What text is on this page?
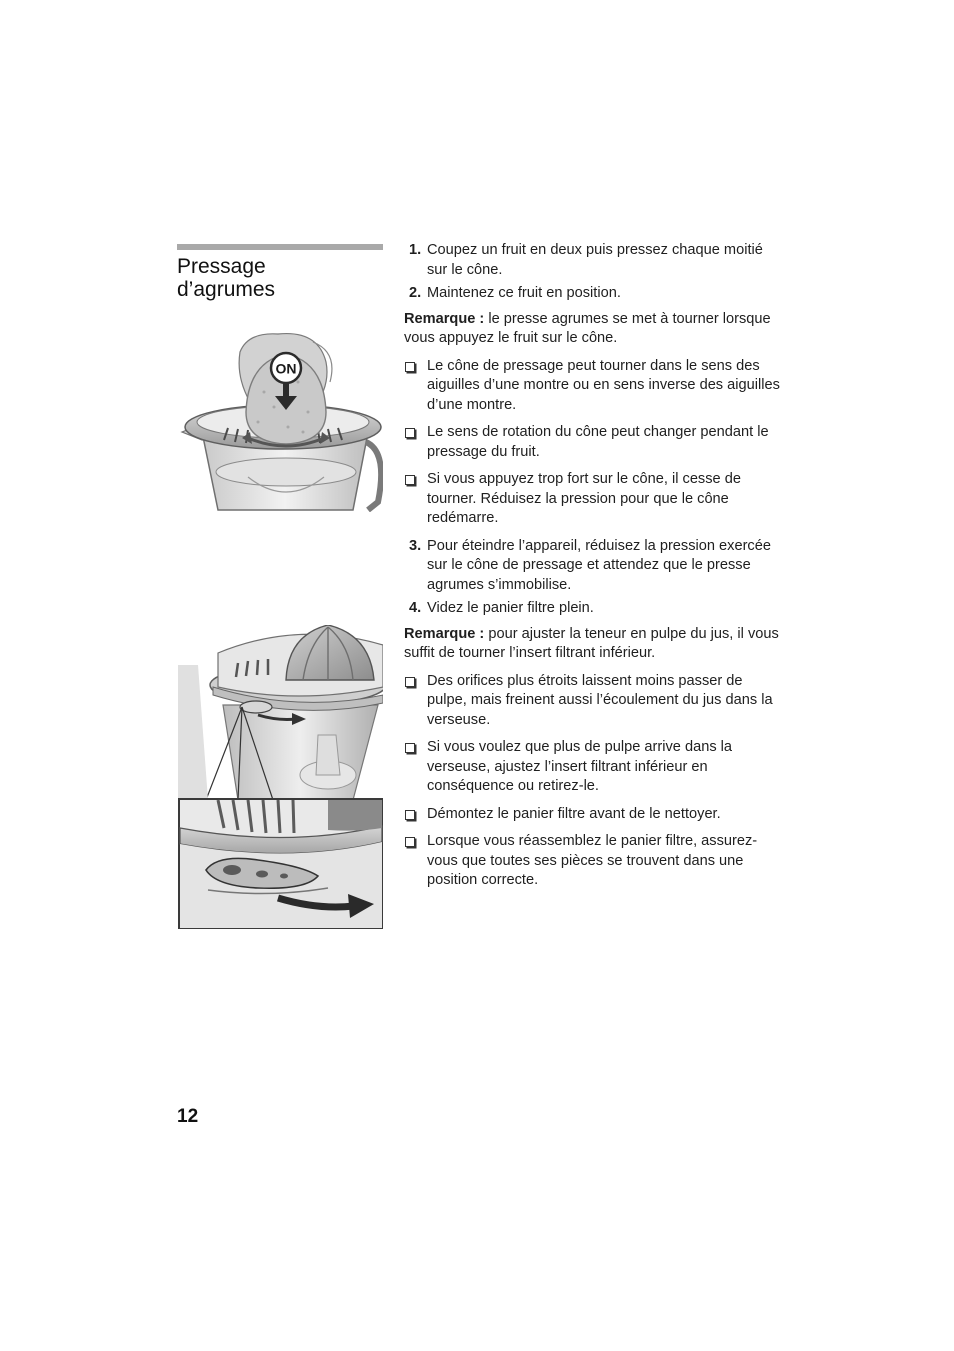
Pressage
d’agrumes
ON
1. Coupez un fruit en deux puis pressez chaque moitié sur le cône.
2. Maintenez ce fruit en position.

Remarque : le presse agrumes se met à tourner lorsque vous appuyez le fruit sur le cône.

Le cône de pressage peut tourner dans le sens des aiguilles d’une montre ou en sens inverse des aiguilles d’une montre.
Le sens de rotation du cône peut changer pendant le pressage du fruit.
Si vous appuyez trop fort sur le cône, il cesse de tourner. Réduisez la pression pour que le cône redémarre.
3. Pour éteindre l’appareil, réduisez la pression exercée sur le cône de pressage et attendez que le presse agrumes s’immobilise.
4. Videz le panier filtre plein.

Remarque : pour ajuster la teneur en pulpe du jus, il vous suffit de tourner l’insert filtrant inférieur.

Des orifices plus étroits laissent moins passer de pulpe, mais freinent aussi l’écoulement du jus dans la verseuse.
Si vous voulez que plus de pulpe arrive dans la verseuse, ajustez l’insert filtrant inférieur en conséquence ou retirez-le.
Démontez le panier filtre avant de le nettoyer.
Lorsque vous réassemblez le panier filtre, assurez-vous que toutes ses pièces se trouvent dans une position correcte.
12
